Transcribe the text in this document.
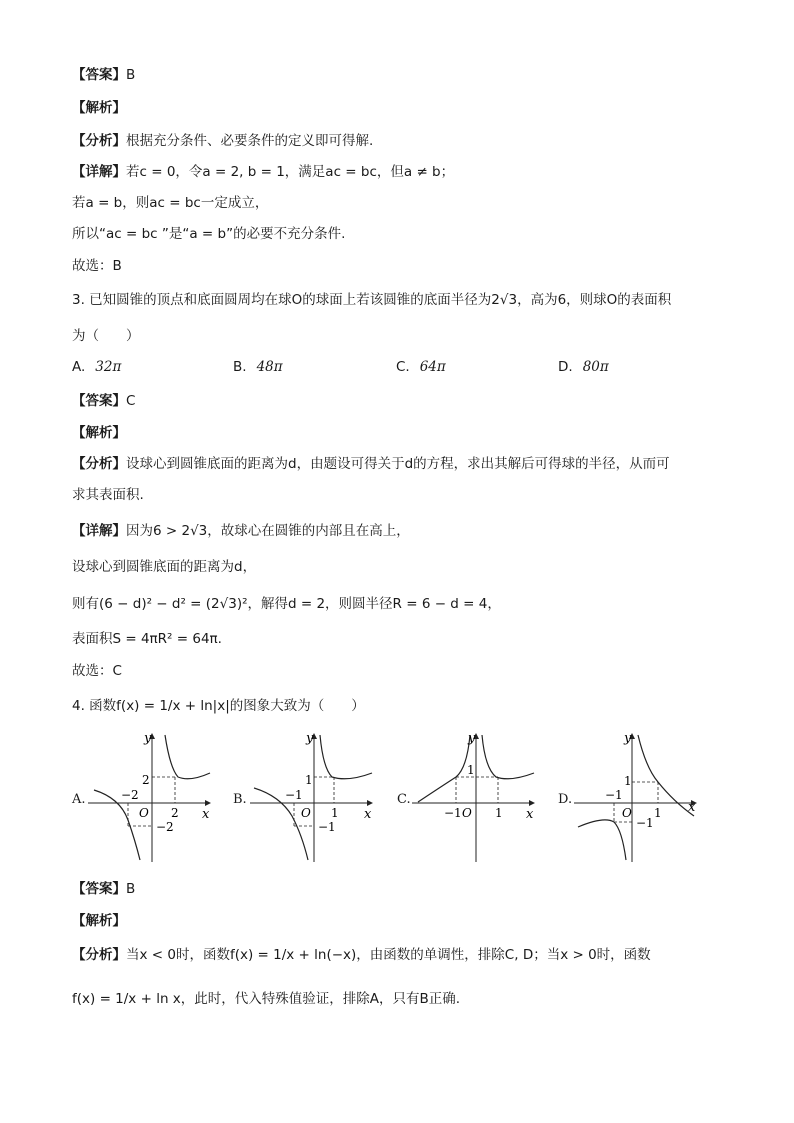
【答案】B
【解析】
【分析】根据充分条件、必要条件的定义即可得解.
【详解】若c = 0，令a = 2, b = 1，满足ac = bc，但a ≠ b；
若a = b，则ac = bc一定成立，
所以“ac = bc ”是“a = b”的必要不充分条件.
故选：B
3. 已知圆锥的顶点和底面圆周均在球O的球面上若该圆锥的底面半径为2√3，高为6，则球O的表面积
为（　　）
A. 32π	B. 48π	C. 64π	D. 80π
【答案】C
【解析】
【分析】设球心到圆锥底面的距离为d，由题设可得关于d的方程，求出其解后可得球的半径，从而可
求其表面积.
【详解】因为6 > 2√3，故球心在圆锥的内部且在高上，
设球心到圆锥底面的距离为d，
则有(6 − d)² − d² = (2√3)²，解得d = 2，则圆半径R = 6 − d = 4，
表面积S = 4πR² = 64π.
故选：C
4. 函数f(x) = 1/x + ln|x|的图象大致为（　　）
A.	B.	C.	D.
y
x
O
2
−2
2
−2
y
x
O
1
−1
1
−1
y
x
O
1
−1	1
y
x
O
1
−1
1
−1
【答案】B
【解析】
【分析】当x < 0时，函数f(x) = 1/x + ln(−x)，由函数的单调性，排除C, D；当x > 0时，函数
f(x) = 1/x + ln x，此时，代入特殊值验证，排除A，只有B正确.
